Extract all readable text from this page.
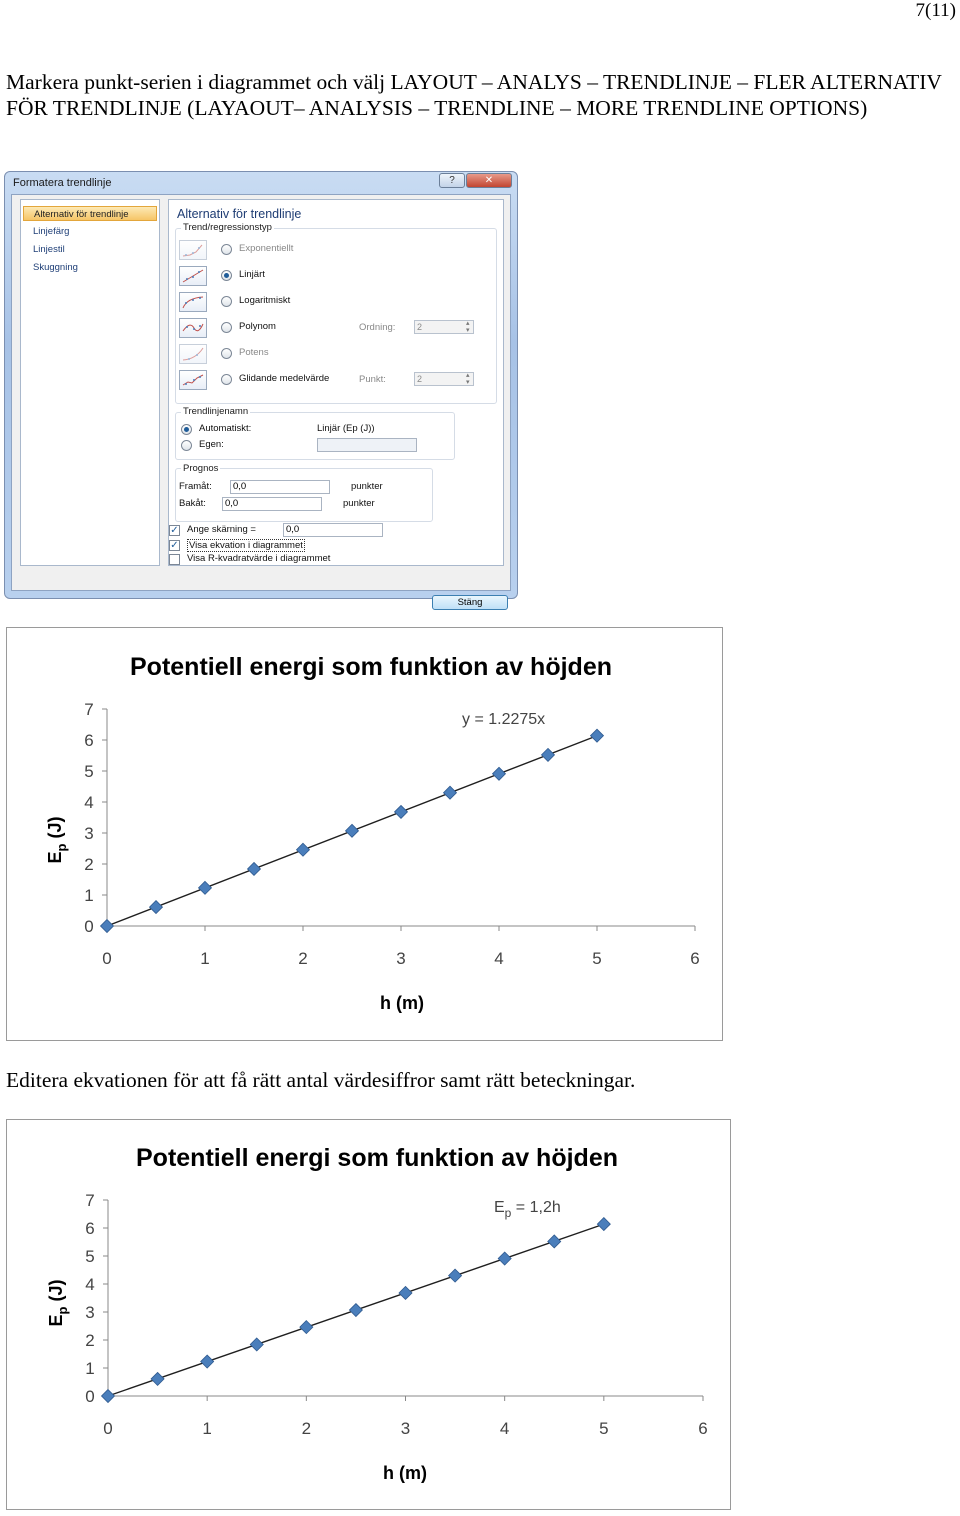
7(11)
Markera punkt-serien i diagrammet och välj LAYOUT – ANALYS – TRENDLINJE – FLER ALTERNATIV FÖR TRENDLINJE (LAYAOUT– ANALYSIS – TRENDLINE – MORE TRENDLINE OPTIONS)
Formatera trendlinje	?	✕
Alternativ för trendlinje
Linjefärg
Linjestil
Skuggning
Alternativ för trendlinje
Trend/regressionstyp
Exponentiellt
Linjärt
Logaritmiskt
Polynom	Ordning:	2 ▴▾
Potens
Glidande medelvärde	Punkt:	2 ▴▾
Trendlinjenamn
Automatiskt:	Linjär (Ep (J))
Egen:
Prognos
Framåt:	0,0	punkter
Bakåt:	0,0	punkter
✓ Ange skärning =	0,0
✓ Visa ekvation i diagrammet
Visa R-kvadratvärde i diagrammet
Stäng
Potentiell energi som funktion av höjden
$E_p$ (J)
h (m)
y = 1.2275x
0
1
2
3
4
5
6
7
0	1	2	3	4	5	6
Editera ekvationen för att få rätt antal värdesiffror samt rätt beteckningar.
Potentiell energi som funktion av höjden
$E_p$ (J)
h (m)
$E_p = 1,2h$
0
1
2
3
4
5
6
7
0	1	2	3	4	5	6
